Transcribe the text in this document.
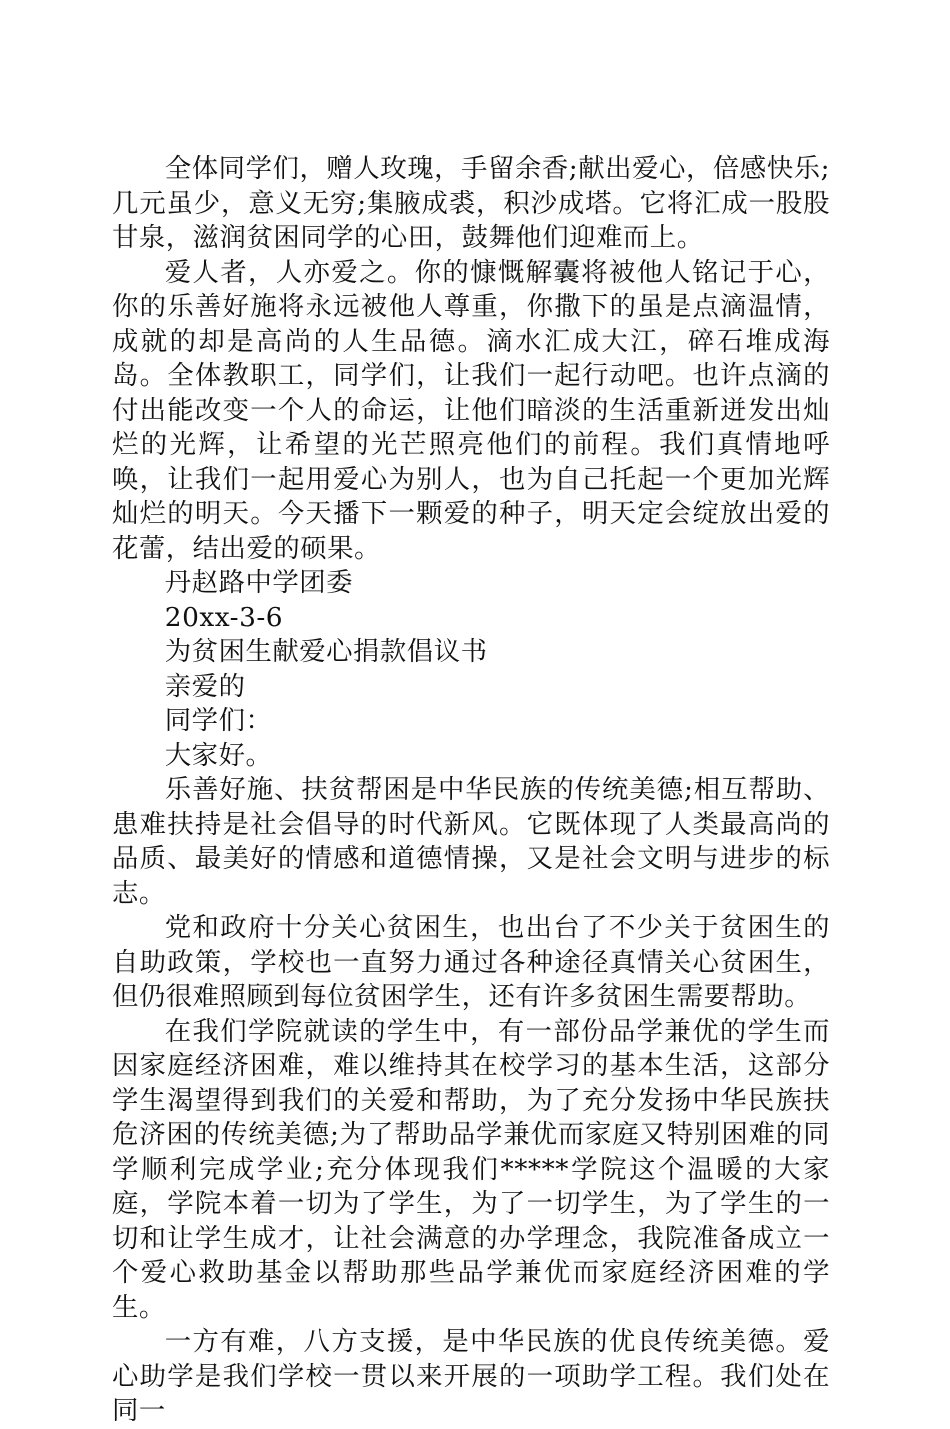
全体同学们，赠人玫瑰，手留余香;献出爱心，倍感快乐;几元虽少，意义无穷;集腋成裘，积沙成塔。它将汇成一股股甘泉，滋润贫困同学的心田，鼓舞他们迎难而上。

爱人者，人亦爱之。你的慷慨解囊将被他人铭记于心，你的乐善好施将永远被他人尊重，你撒下的虽是点滴温情，成就的却是高尚的人生品德。滴水汇成大江，碎石堆成海岛。全体教职工，同学们，让我们一起行动吧。也许点滴的付出能改变一个人的命运，让他们暗淡的生活重新迸发出灿烂的光辉，让希望的光芒照亮他们的前程。我们真情地呼唤，让我们一起用爱心为别人，也为自己托起一个更加光辉灿烂的明天。今天播下一颗爱的种子，明天定会绽放出爱的花蕾，结出爱的硕果。

丹赵路中学团委

20xx-3-6

为贫困生献爱心捐款倡议书

亲爱的

同学们：

大家好。

乐善好施、扶贫帮困是中华民族的传统美德;相互帮助、患难扶持是社会倡导的时代新风。它既体现了人类最高尚的品质、最美好的情感和道德情操，又是社会文明与进步的标志。

党和政府十分关心贫困生，也出台了不少关于贫困生的自助政策，学校也一直努力通过各种途径真情关心贫困生，但仍很难照顾到每位贫困学生，还有许多贫困生需要帮助。

在我们学院就读的学生中，有一部份品学兼优的学生而因家庭经济困难，难以维持其在校学习的基本生活，这部分学生渴望得到我们的关爱和帮助，为了充分发扬中华民族扶危济困的传统美德;为了帮助品学兼优而家庭又特别困难的同学顺利完成学业;充分体现我们*****学院这个温暖的大家庭，学院本着一切为了学生，为了一切学生，为了学生的一切和让学生成才，让社会满意的办学理念，我院准备成立一个爱心救助基金以帮助那些品学兼优而家庭经济困难的学生。

一方有难，八方支援，是中华民族的优良传统美德。爱心助学是我们学校一贯以来开展的一项助学工程。我们处在同一
